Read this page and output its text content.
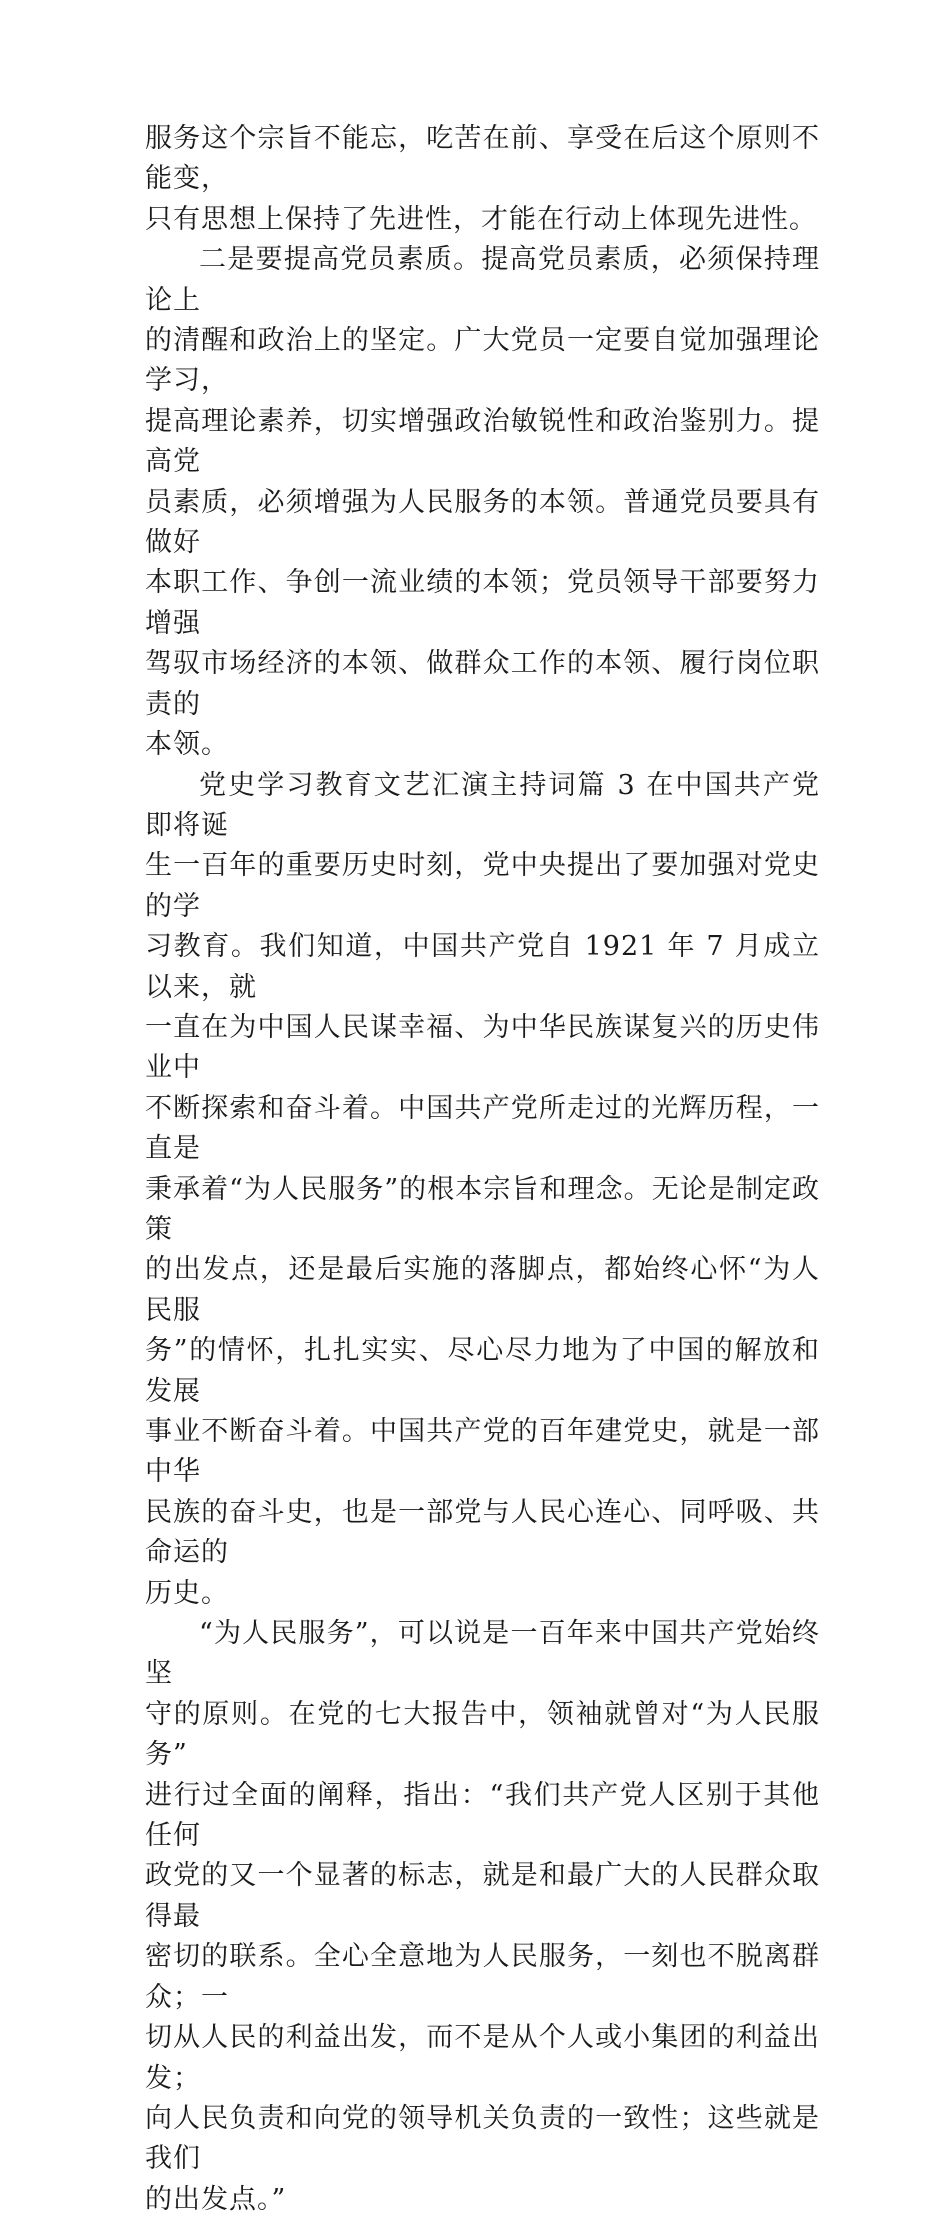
服务这个宗旨不能忘，吃苦在前、享受在后这个原则不能变，
只有思想上保持了先进性，才能在行动上体现先进性。

二是要提高党员素质。提高党员素质，必须保持理论上
的清醒和政治上的坚定。广大党员一定要自觉加强理论学习，
提高理论素养，切实增强政治敏锐性和政治鉴别力。提高党
员素质，必须增强为人民服务的本领。普通党员要具有做好
本职工作、争创一流业绩的本领；党员领导干部要努力增强
驾驭市场经济的本领、做群众工作的本领、履行岗位职责的
本领。

党史学习教育文艺汇演主持词篇 3 在中国共产党即将诞
生一百年的重要历史时刻，党中央提出了要加强对党史的学
习教育。我们知道，中国共产党自 1921 年 7 月成立以来，就
一直在为中国人民谋幸福、为中华民族谋复兴的历史伟业中
不断探索和奋斗着。中国共产党所走过的光辉历程，一直是
秉承着“为人民服务”的根本宗旨和理念。无论是制定政策
的出发点，还是最后实施的落脚点，都始终心怀“为人民服
务”的情怀，扎扎实实、尽心尽力地为了中国的解放和发展
事业不断奋斗着。中国共产党的百年建党史，就是一部中华
民族的奋斗史，也是一部党与人民心连心、同呼吸、共命运的
历史。

“为人民服务”，可以说是一百年来中国共产党始终坚
守的原则。在党的七大报告中，领袖就曾对“为人民服务”
进行过全面的阐释，指出：“我们共产党人区别于其他任何
政党的又一个显著的标志，就是和最广大的人民群众取得最
密切的联系。全心全意地为人民服务，一刻也不脱离群众；一
切从人民的利益出发，而不是从个人或小集团的利益出发；
向人民负责和向党的领导机关负责的一致性；这些就是我们
的出发点。”
